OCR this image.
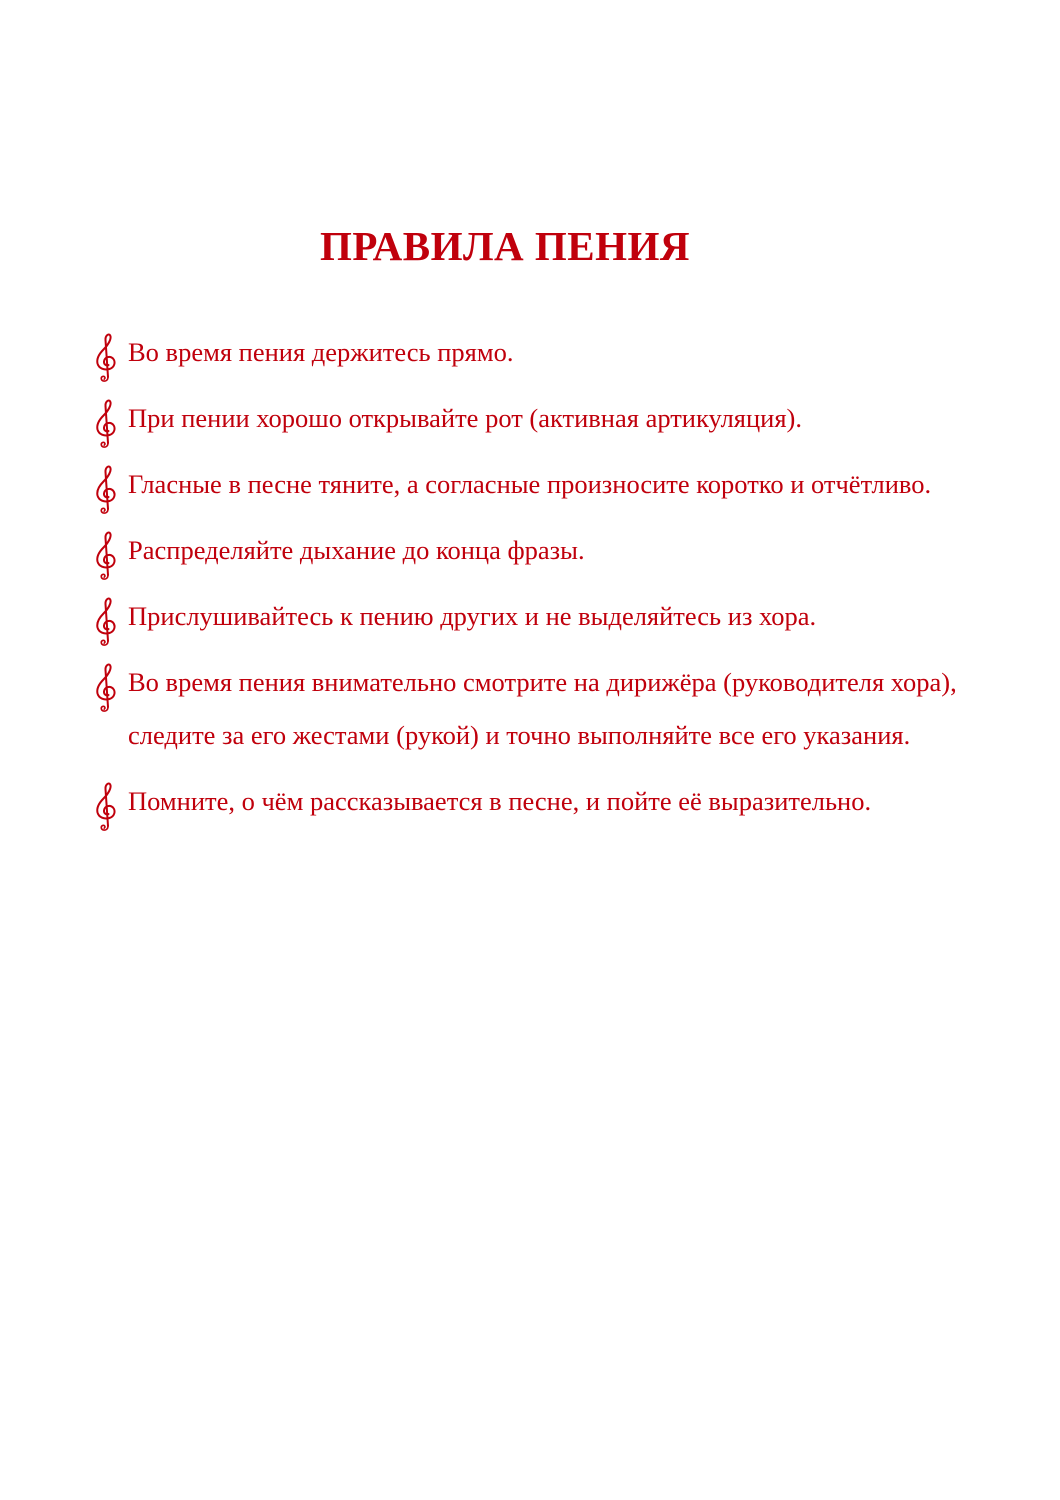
ПРАВИЛА ПЕНИЯ
Во время пения держитесь прямо.
При пении хорошо открывайте рот (активная артикуляция).
Гласные в песне тяните, а согласные произносите коротко и отчётливо.
Распределяйте дыхание до конца фразы.
Прислушивайтесь к пению других и не выделяйтесь из хора.
Во время пения внимательно смотрите на дирижёра (руководителя хора), следите за его жестами (рукой) и точно выполняйте все его указания.
Помните, о чём рассказывается в песне, и пойте её выразительно.
